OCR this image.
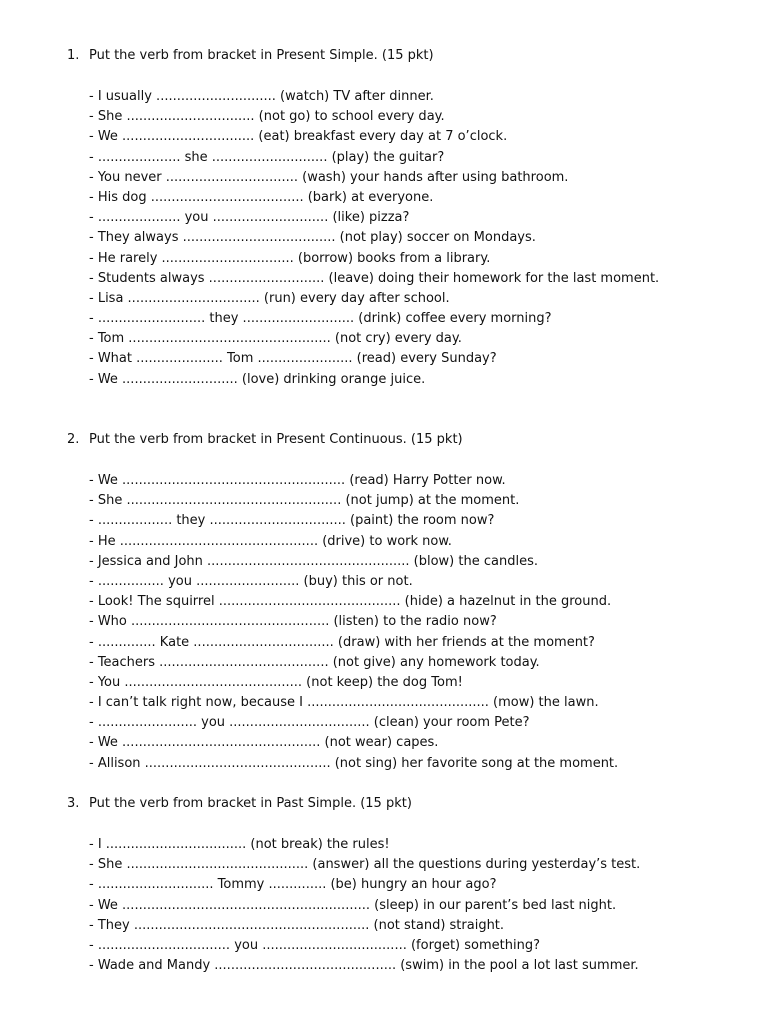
1. Put the verb from bracket in Present Simple. (15 pkt)
- I usually ............................. (watch) TV after dinner.
- She ............................... (not go) to school every day.
- We ................................ (eat) breakfast every day at 7 o’clock.
- .................... she ............................ (play) the guitar?
- You never ................................ (wash) your hands after using bathroom.
- His dog ..................................... (bark) at everyone.
- .................... you ............................ (like) pizza?
- They always ..................................... (not play) soccer on Mondays.
- He rarely ................................ (borrow) books from a library.
- Students always ............................ (leave) doing their homework for the last moment.
- Lisa ................................ (run) every day after school.
- .......................... they ........................... (drink) coffee every morning?
- Tom ................................................. (not cry) every day.
- What ..................... Tom ....................... (read) every Sunday?
- We ............................ (love) drinking orange juice.
2. Put the verb from bracket in Present Continuous. (15 pkt)
- We ...................................................... (read) Harry Potter now.
- She .................................................... (not jump) at the moment.
- .................. they ................................. (paint) the room now?
- He ................................................ (drive) to work now.
- Jessica and John ................................................. (blow) the candles.
- ................ you ......................... (buy) this or not.
- Look! The squirrel ............................................ (hide) a hazelnut in the ground.
- Who ................................................ (listen) to the radio now?
- .............. Kate .................................. (draw) with her friends at the moment?
- Teachers ......................................... (not give) any homework today.
- You ........................................... (not keep) the dog Tom!
- I can’t talk right now, because I ............................................ (mow) the lawn.
- ........................ you .................................. (clean) your room Pete?
- We ................................................ (not wear) capes.
- Allison ............................................. (not sing) her favorite song at the moment.
3. Put the verb from bracket in Past Simple. (15 pkt)
- I .................................. (not break) the rules!
- She ............................................ (answer) all the questions during yesterday’s test.
- ............................ Tommy .............. (be) hungry an hour ago?
- We ............................................................ (sleep) in our parent’s bed last night.
- They ......................................................... (not stand) straight.
- ................................ you ................................... (forget) something?
- Wade and Mandy ............................................ (swim) in the pool a lot last summer.
